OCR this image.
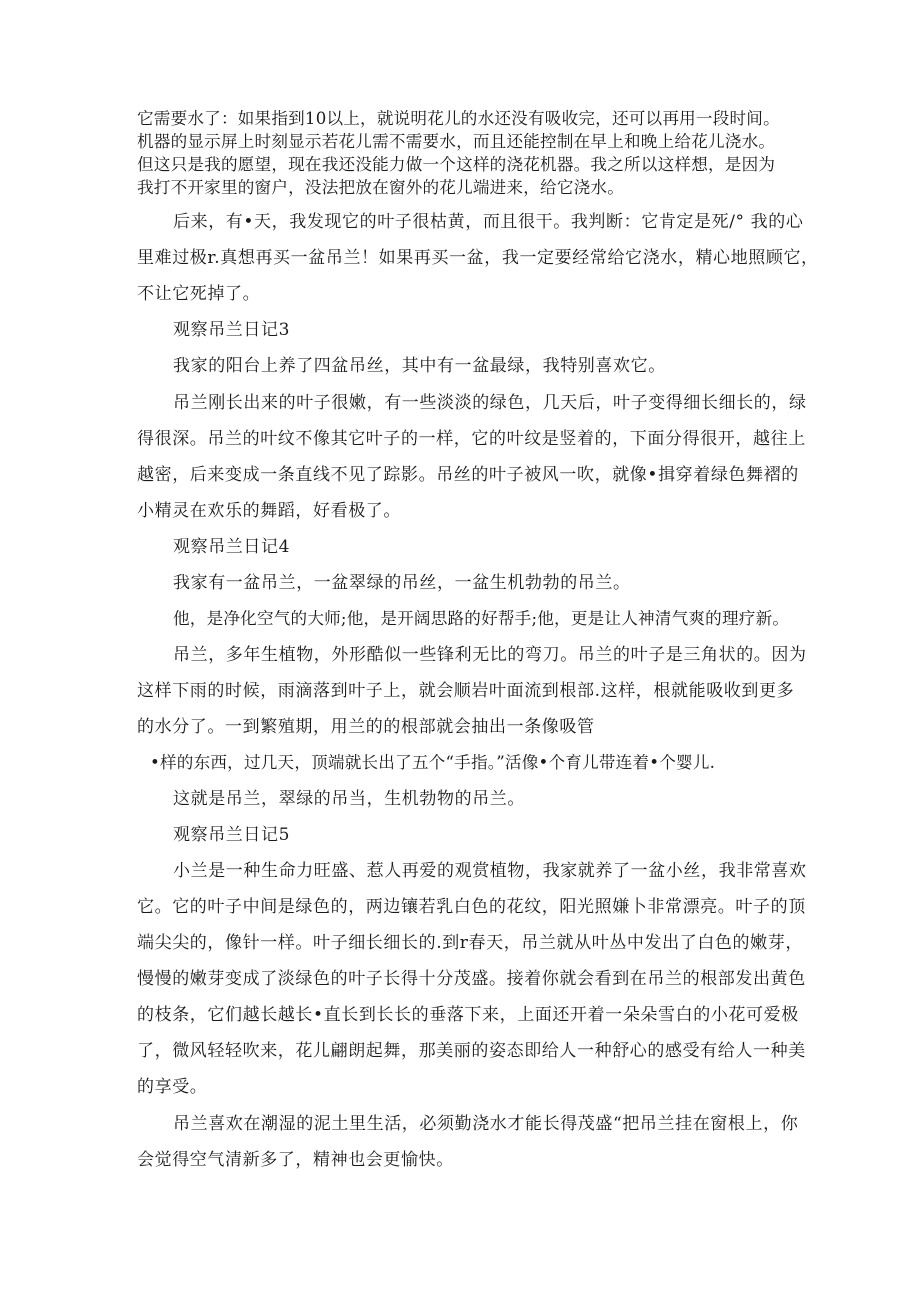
它需要水了：如果指到10以上，就说明花儿的水还没有吸收完，还可以再用一段时间。
机器的显示屏上时刻显示若花儿需不需要水，而且还能控制在早上和晚上给花儿浇水。
但这只是我的愿望，现在我还没能力做一个这样的浇花机器。我之所以这样想，是因为
我打不开家里的窗户，没法把放在窗外的花儿端进来，给它浇水。
后来，有•天，我发现它的叶子很枯黄，而且很干。我判断：它肯定是死/° 我的心
里难过极r.真想再买一盆吊兰！如果再买一盆，我一定要经常给它浇水，精心地照顾它，
不让它死掉了。
观察吊兰日记3
我家的阳台上养了四盆吊丝，其中有一盆最绿，我特别喜欢它。
吊兰刚长出来的叶子很嫩，有一些淡淡的绿色，几天后，叶子变得细长细长的，绿
得很深。吊兰的叶纹不像其它叶子的一样，它的叶纹是竖着的，下面分得很开，越往上
越密，后来变成一条直线不见了踪影。吊丝的叶子被风一吹，就像•揖穿着绿色舞褶的
小精灵在欢乐的舞蹈，好看极了。
观察吊兰日记4
我家有一盆吊兰，一盆翠绿的吊丝，一盆生机勃勃的吊兰。
他，是净化空气的大师;他，是开阔思路的好帮手;他，更是让人神清气爽的理疗新。
吊兰，多年生植物，外形酷似一些锋利无比的弯刀。吊兰的叶子是三角状的。因为
这样下雨的时候，雨滴落到叶子上，就会顺岩叶面流到根部.这样，根就能吸收到更多
的水分了。一到繁殖期，用兰的的根部就会抽出一条像吸管
•样的东西，过几天，顶端就长出了五个“手指。”活像•个育儿带连着•个婴儿.
这就是吊兰，翠绿的吊当，生机勃物的吊兰。
观察吊兰日记5
小兰是一种生命力旺盛、惹人再爱的观赏植物，我家就养了一盆小丝，我非常喜欢
它。它的叶子中间是绿色的，两边镶若乳白色的花纹，阳光照嫌卜非常漂亮。叶子的顶
端尖尖的，像针一样。叶子细长细长的.到r春天，吊兰就从叶丛中发出了白色的嫩芽，
慢慢的嫩芽变成了淡绿色的叶子长得十分茂盛。接着你就会看到在吊兰的根部发出黄色
的枝条，它们越长越长•直长到长长的垂落下来，上面还开着一朵朵雪白的小花可爱极
了，微风轻轻吹来，花儿翩朗起舞，那美丽的姿态即给人一种舒心的感受有给人一种美
的享受。
吊兰喜欢在潮湿的泥土里生活，必须勤浇水才能长得茂盛“把吊兰挂在窗根上，你
会觉得空气清新多了，精神也会更愉快。
